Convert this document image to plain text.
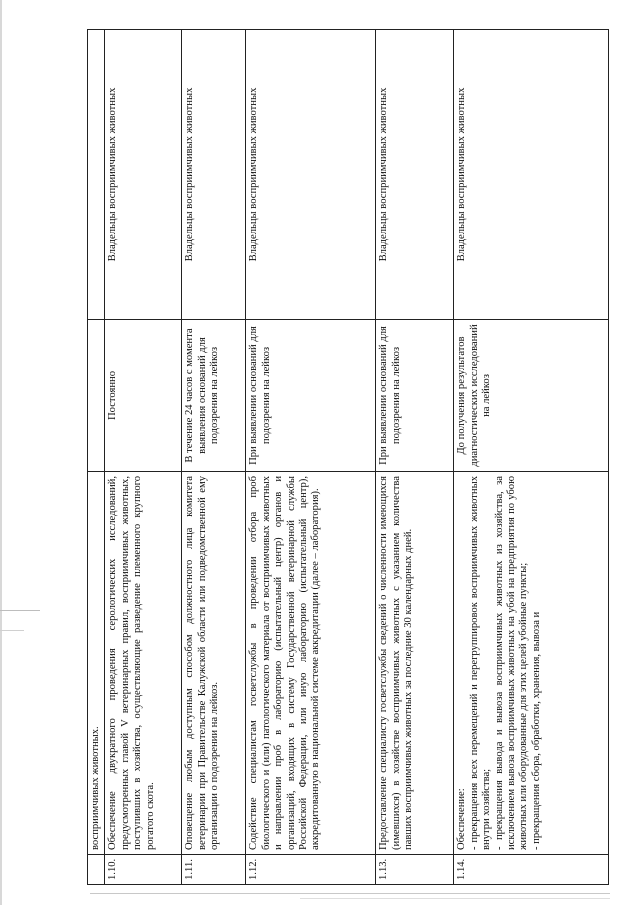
	восприимчивых животных.		
1.10.	Обеспечение двукратного проведения серологических исследований, предусмотренных главой V ветеринарных правил, восприимчивых животных, поступивших в хозяйства, осуществляющие разведение племенного крупного рогатого скота.	Постоянно	Владельцы восприимчивых животных
1.11.	Оповещение любым доступным способом должностного лица комитета ветеринарии при Правительстве Калужской области или подведомственной ему организации о подозрении на лейкоз.	В течение 24 часов с момента выявления оснований для подозрения на лейкоз	Владельцы восприимчивых животных
1.12.	Содействие специалистам госветслужбы в проведении отбора проб биологического и (или) патологического материала от восприимчивых животных и направлении проб в лабораторию (испытательный центр) органов и организаций, входящих в систему Государственной ветеринарной службы Российской Федерации, или иную лабораторию (испытательный центр), аккредитованную в национальной системе аккредитации (далее – лаборатория).	При выявлении оснований для подозрения на лейкоз	Владельцы восприимчивых животных
1.13.	Предоставление специалисту госветслужбы сведений о численности имеющихся (имевшихся) в хозяйстве восприимчивых животных с указанием количества павших восприимчивых животных за последние 30 календарных дней.	При выявлении оснований для подозрения на лейкоз	Владельцы восприимчивых животных
1.14.	Обеспечение: - прекращения всех перемещений и перегруппировок восприимчивых животных внутри хозяйства; - прекращения вывода и вывоза восприимчивых животных из хозяйства, за исключением вывоза восприимчивых животных на убой на предприятия по убою животных или оборудованные для этих целей убойные пункты; - прекращения сбора, обработки, хранения, вывоза и	До получения результатов диагностических исследований на лейкоз	Владельцы восприимчивых животных
